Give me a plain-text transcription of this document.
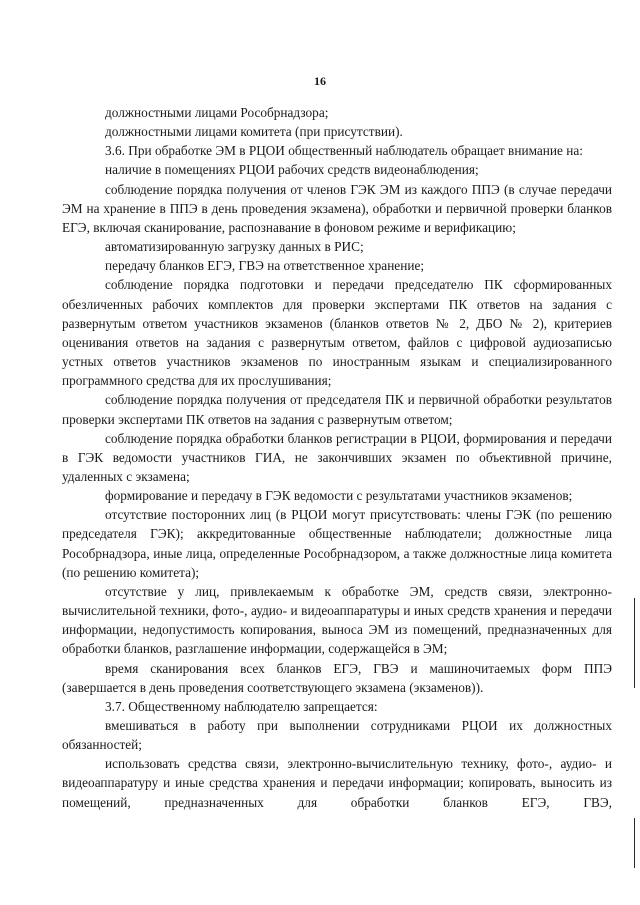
16

должностными лицами Рособрнадзора;

должностными лицами комитета (при присутствии).

3.6. При обработке ЭМ в РЦОИ общественный наблюдатель обращает внимание на:

наличие в помещениях РЦОИ рабочих средств видеонаблюдения;

соблюдение порядка получения от членов ГЭК ЭМ из каждого ППЭ (в случае передачи ЭМ на хранение в ППЭ в день проведения экзамена), обработки и первичной проверки бланков ЕГЭ, включая сканирование, распознавание в фоновом режиме и верификацию;

автоматизированную загрузку данных в РИС;

передачу бланков ЕГЭ, ГВЭ на ответственное хранение;

соблюдение порядка подготовки и передачи председателю ПК сформированных обезличенных рабочих комплектов для проверки экспертами ПК ответов на задания с развернутым ответом участников экзаменов (бланков ответов № 2, ДБО № 2), критериев оценивания ответов на задания с развернутым ответом, файлов с цифровой аудиозаписью устных ответов участников экзаменов по иностранным языкам и специализированного программного средства для их прослушивания;

соблюдение порядка получения от председателя ПК и первичной обработки результатов проверки экспертами ПК ответов на задания с развернутым ответом;

соблюдение порядка обработки бланков регистрации в РЦОИ, формирования и передачи в ГЭК ведомости участников ГИА, не закончивших экзамен по объективной причине, удаленных с экзамена;

формирование и передачу в ГЭК ведомости с результатами участников экзаменов;

отсутствие посторонних лиц (в РЦОИ могут присутствовать: члены ГЭК (по решению председателя ГЭК); аккредитованные общественные наблюдатели; должностные лица Рособрнадзора, иные лица, определенные Рособрнадзором, а также должностные лица комитета (по решению комитета);

отсутствие у лиц, привлекаемым к обработке ЭМ, средств связи, электронно-вычислительной техники, фото-, аудио- и видеоаппаратуры и иных средств хранения и передачи информации, недопустимость копирования, выноса ЭМ из помещений, предназначенных для обработки бланков, разглашение информации, содержащейся в ЭМ;

время сканирования всех бланков ЕГЭ, ГВЭ и машиночитаемых форм ППЭ (завершается в день проведения соответствующего экзамена (экзаменов)).

3.7. Общественному наблюдателю запрещается:

вмешиваться в работу при выполнении сотрудниками РЦОИ их должностных обязанностей;

использовать средства связи, электронно-вычислительную технику, фото-, аудио- и видеоаппаратуру и иные средства хранения и передачи информации; копировать, выносить из помещений, предназначенных для обработки бланков ЕГЭ, ГВЭ,
